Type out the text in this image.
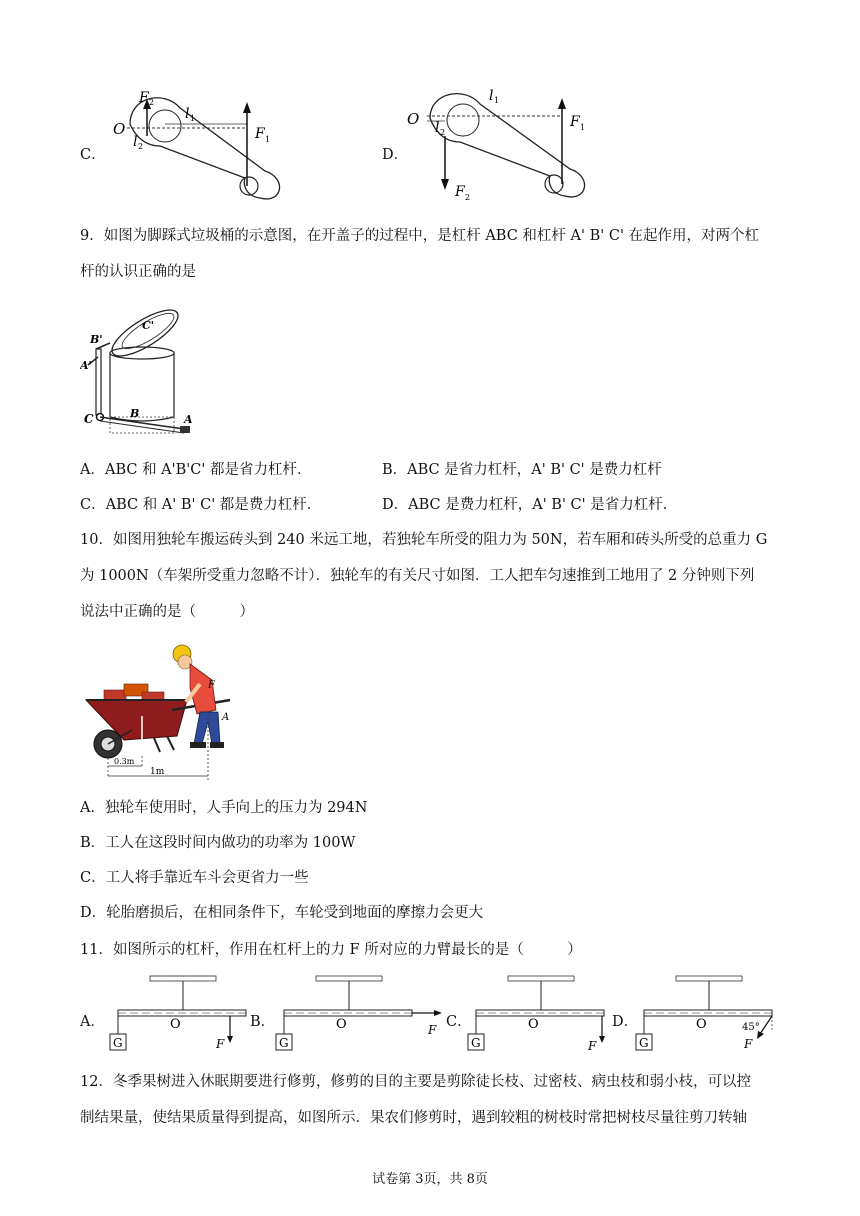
C．
O
F 2
l 1
l 2
F 1
D．
O
l 1
l 2
F 1
F 2
9．如图为脚踩式垃圾桶的示意图，在开盖子的过程中，是杠杆 ABC 和杠杆 A' B' C' 在起作用，对两个杠
杆的认识正确的是
B'
C'
A'
C	B	A
A．ABC 和 A'B'C' 都是省力杠杆．	B．ABC 是省力杠杆，A' B' C' 是费力杠杆
C．ABC 和 A' B' C' 都是费力杠杆．	D．ABC 是费力杠杆，A' B' C' 是省力杠杆．
10．如图用独轮车搬运砖头到 240 米远工地，若独轮车所受的阻力为 50N，若车厢和砖头所受的总重力 G
为 1000N（车架所受重力忽略不计）．独轮车的有关尺寸如图．工人把车匀速推到工地用了 2 分钟则下列
说法中正确的是（　　　）
F
A
G
0.3m
1m
A．独轮车使用时，人手向上的压力为 294N
B．工人在这段时间内做功的功率为 100W
C．工人将手靠近车斗会更省力一些
D．轮胎磨损后，在相同条件下，车轮受到地面的摩擦力会更大
11．如图所示的杠杆，作用在杠杆上的力 F 所对应的力臂最长的是（　　　）
A．	O
G	F
B．	O
G
F C．	O
G	F
D．	O
G	F
45°
12．冬季果树进入休眠期要进行修剪，修剪的目的主要是剪除徒长枝、过密枝、病虫枝和弱小枝，可以控
制结果量，使结果质量得到提高，如图所示．果农们修剪时，遇到较粗的树枝时常把树枝尽量往剪刀转轴
试卷第 3页，共 8页
